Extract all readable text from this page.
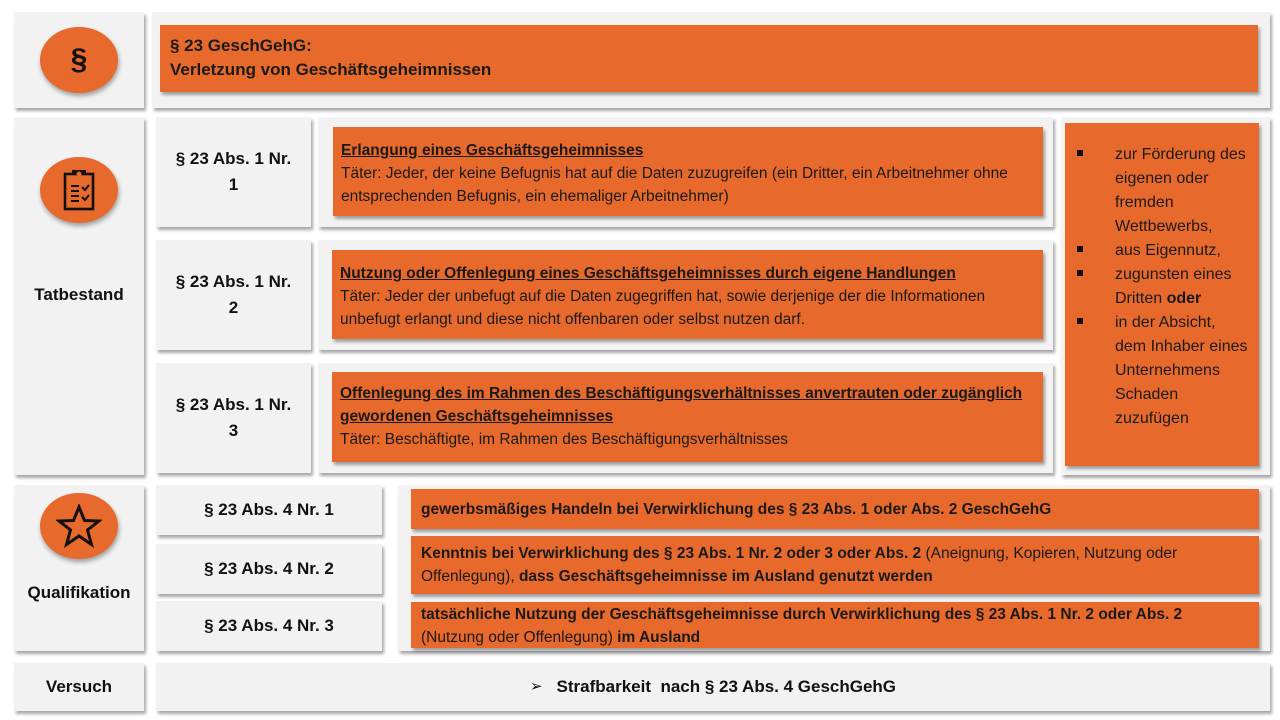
§	§ 23 GeschGehG:
Verletzung von Geschäftsgeheimnissen
Tatbestand
§ 23 Abs. 1 Nr.
1
Erlangung eines Geschäftsgeheimnisses
Täter: Jeder, der keine Befugnis hat auf die Daten zuzugreifen (ein Dritter, ein Arbeitnehmer ohne entsprechenden Befugnis, ein ehemaliger Arbeitnehmer)
§ 23 Abs. 1 Nr.
2
Nutzung oder Offenlegung eines Geschäftsgeheimnisses durch eigene Handlungen
Täter: Jeder der unbefugt auf die Daten zugegriffen hat, sowie derjenige der die Informationen unbefugt erlangt und diese nicht offenbaren oder selbst nutzen darf.
§ 23 Abs. 1 Nr.
3
Offenlegung des im Rahmen des Beschäftigungsverhältnisses anvertrauten oder zugänglich gewordenen Geschäftsgeheimnisses
Täter: Beschäftigte, im Rahmen des Beschäftigungsverhältnisses
zur Förderung des eigenen oder fremden Wettbewerbs,
aus Eigennutz,
zugunsten eines Dritten oder
in der Absicht, dem Inhaber eines Unternehmens Schaden zuzufügen
Qualifikation
§ 23 Abs. 4 Nr. 1
§ 23 Abs. 4 Nr. 2
§ 23 Abs. 4 Nr. 3
gewerbsmäßiges Handeln bei Verwirklichung des § 23 Abs. 1 oder Abs. 2 GeschGehG
Kenntnis bei Verwirklichung des § 23 Abs. 1 Nr. 2 oder 3 oder Abs. 2 (Aneignung, Kopieren, Nutzung oder Offenlegung), dass Geschäftsgeheimnisse im Ausland genutzt werden
tatsächliche Nutzung der Geschäftsgeheimnisse durch Verwirklichung des § 23 Abs. 1 Nr. 2 oder Abs. 2 (Nutzung oder Offenlegung) im Ausland
Versuch	➢ Strafbarkeit  nach § 23 Abs. 4 GeschGehG
